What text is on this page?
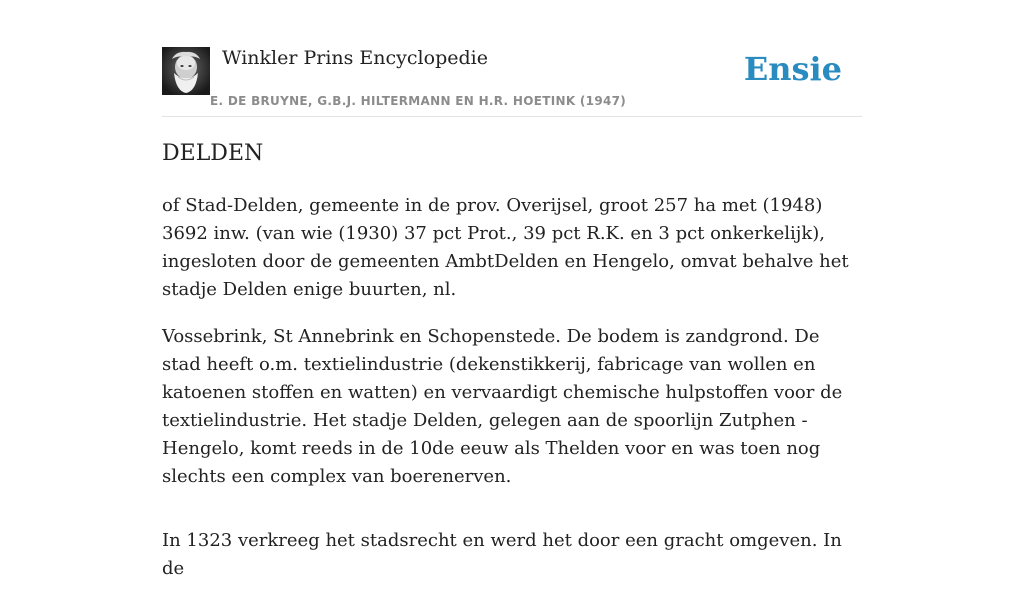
Winkler Prins Encyclopedie
E. DE BRUYNE, G.B.J. HILTERMANN EN H.R. HOETINK (1947)
Ensie
DELDEN

of Stad-Delden, gemeente in de prov. Overijsel, groot 257 ha met (1948) 3692 inw. (van wie (1930) 37 pct Prot., 39 pct R.K. en 3 pct onkerkelijk), ingesloten door de gemeenten AmbtDelden en Hengelo, omvat behalve het stadje Delden enige buurten, nl.

Vossebrink, St Annebrink en Schopenstede. De bodem is zandgrond. De stad heeft o.m. textielindustrie (dekenstikkerij, fabricage van wollen en katoenen stoffen en watten) en vervaardigt chemische hulpstoffen voor de textielindustrie. Het stadje Delden, gelegen aan de spoorlijn Zutphen - Hengelo, komt reeds in de 10de eeuw als Thelden voor en was toen nog slechts een complex van boerenerven.

In 1323 verkreeg het stadsrecht en werd het door een gracht omgeven. In de
